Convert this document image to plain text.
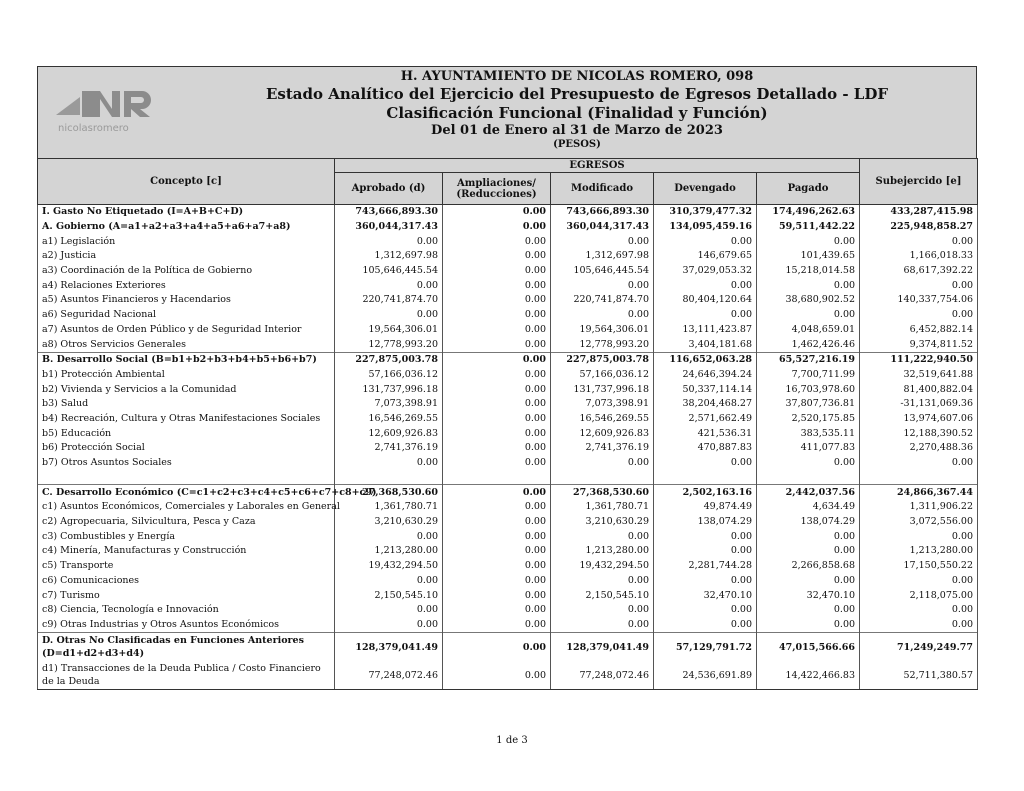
nicolasromero
H. AYUNTAMIENTO DE NICOLAS ROMERO, 098
Estado Analítico del Ejercicio del Presupuesto de Egresos Detallado - LDF
Clasificación Funcional (Finalidad y Función)
Del 01 de Enero al 31 de Marzo de 2023
(PESOS)
Concepto [c]	EGRESOS					Subejercido [e]
	Aprobado (d)	Ampliaciones/ (Reducciones)	Modificado	Devengado	Pagado	
I. Gasto No Etiquetado (I=A+B+C+D)	743,666,893.30	0.00	743,666,893.30	310,379,477.32	174,496,262.63	433,287,415.98
A. Gobierno (A=a1+a2+a3+a4+a5+a6+a7+a8)	360,044,317.43	0.00	360,044,317.43	134,095,459.16	59,511,442.22	225,948,858.27
a1) Legislación	0.00	0.00	0.00	0.00	0.00	0.00
a2) Justicia	1,312,697.98	0.00	1,312,697.98	146,679.65	101,439.65	1,166,018.33
a3) Coordinación de la Política de Gobierno	105,646,445.54	0.00	105,646,445.54	37,029,053.32	15,218,014.58	68,617,392.22
a4) Relaciones Exteriores	0.00	0.00	0.00	0.00	0.00	0.00
a5) Asuntos Financieros y Hacendarios	220,741,874.70	0.00	220,741,874.70	80,404,120.64	38,680,902.52	140,337,754.06
a6) Seguridad Nacional	0.00	0.00	0.00	0.00	0.00	0.00
a7) Asuntos de Orden Público y de Seguridad Interior	19,564,306.01	0.00	19,564,306.01	13,111,423.87	4,048,659.01	6,452,882.14
a8) Otros Servicios Generales	12,778,993.20	0.00	12,778,993.20	3,404,181.68	1,462,426.46	9,374,811.52
B. Desarrollo Social (B=b1+b2+b3+b4+b5+b6+b7)	227,875,003.78	0.00	227,875,003.78	116,652,063.28	65,527,216.19	111,222,940.50
b1) Protección Ambiental	57,166,036.12	0.00	57,166,036.12	24,646,394.24	7,700,711.99	32,519,641.88
b2) Vivienda y Servicios a la Comunidad	131,737,996.18	0.00	131,737,996.18	50,337,114.14	16,703,978.60	81,400,882.04
b3) Salud	7,073,398.91	0.00	7,073,398.91	38,204,468.27	37,807,736.81	-31,131,069.36
b4) Recreación, Cultura y Otras Manifestaciones Sociales	16,546,269.55	0.00	16,546,269.55	2,571,662.49	2,520,175.85	13,974,607.06
b5) Educación	12,609,926.83	0.00	12,609,926.83	421,536.31	383,535.11	12,188,390.52
b6) Protección Social	2,741,376.19	0.00	2,741,376.19	470,887.83	411,077.83	2,270,488.36
b7) Otros Asuntos Sociales	0.00	0.00	0.00	0.00	0.00	0.00

C. Desarrollo Económico (C=c1+c2+c3+c4+c5+c6+c7+c8+c9)	27,368,530.60	0.00	27,368,530.60	2,502,163.16	2,442,037.56	24,866,367.44
c1) Asuntos Económicos, Comerciales y Laborales en General	1,361,780.71	0.00	1,361,780.71	49,874.49	4,634.49	1,311,906.22
c2) Agropecuaria, Silvicultura, Pesca y Caza	3,210,630.29	0.00	3,210,630.29	138,074.29	138,074.29	3,072,556.00
c3) Combustibles y Energía	0.00	0.00	0.00	0.00	0.00	0.00
c4) Minería, Manufacturas y Construcción	1,213,280.00	0.00	1,213,280.00	0.00	0.00	1,213,280.00
c5) Transporte	19,432,294.50	0.00	19,432,294.50	2,281,744.28	2,266,858.68	17,150,550.22
c6) Comunicaciones	0.00	0.00	0.00	0.00	0.00	0.00
c7) Turismo	2,150,545.10	0.00	2,150,545.10	32,470.10	32,470.10	2,118,075.00
c8) Ciencia, Tecnología e Innovación	0.00	0.00	0.00	0.00	0.00	0.00
c9) Otras Industrias y Otros Asuntos Económicos	0.00	0.00	0.00	0.00	0.00	0.00
D. Otras No Clasificadas en Funciones Anteriores (D=d1+d2+d3+d4)	128,379,041.49	0.00	128,379,041.49	57,129,791.72	47,015,566.66	71,249,249.77
d1) Transacciones de la Deuda Publica / Costo Financiero de la Deuda	77,248,072.46	0.00	77,248,072.46	24,536,691.89	14,422,466.83	52,711,380.57
1 de 3
